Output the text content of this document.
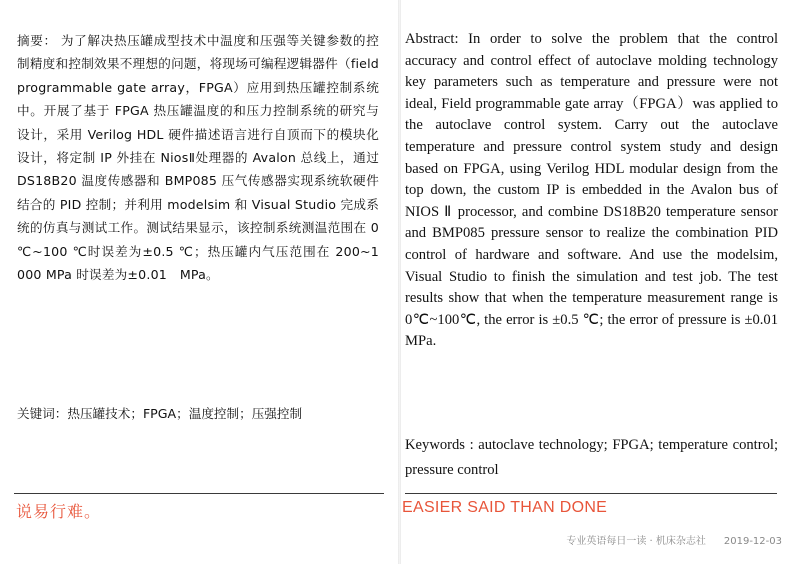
摘要： 为了解决热压罐成型技术中温度和压强等关键参数的控制精度和控制效果不理想的问题，将现场可编程逻辑器件（field programmable gate array，FPGA）应用到热压罐控制系统中。开展了基于 FPGA 热压罐温度的和压力控制系统的研究与设计，采用 Verilog HDL 硬件描述语言进行自顶而下的模块化设计，将定制 IP 外挂在 NiosⅡ处理器的 Avalon 总线上，通过 DS18B20 温度传感器和 BMP085 压气传感器实现系统软硬件结合的 PID 控制；并利用 modelsim 和 Visual Studio 完成系统的仿真与测试工作。测试结果显示，该控制系统测温范围在 0 ℃~100 ℃时误差为±0.5 ℃；热压罐内气压范围在 200~1 000 MPa 时误差为±0.01　MPa。
关键词：热压罐技术；FPGA；温度控制；压强控制

Abstract: In order to solve the problem that the control accuracy and control effect of autoclave molding technology key parameters such as temperature and pressure were not ideal, Field programmable gate array（FPGA）was applied to the autoclave control system. Carry out the autoclave temperature and pressure control system study and design based on FPGA, using Verilog HDL modular design from the top down, the custom IP is embedded in the Avalon bus of NIOS Ⅱ processor, and combine DS18B20 temperature sensor and BMP085 pressure sensor to realize the combination PID control of hardware and software. And use the modelsim, Visual Studio to finish the simulation and test job. The test results show that when the temperature measurement range is 0℃~100℃, the error is ±0.5 ℃; the error of pressure is ±0.01 MPa.

Keywords : autoclave technology; FPGA; temperature control; pressure control
说易行难。	EASIER SAID THAN DONE
专业英语每日一读 · 机床杂志社 2019-12-03
